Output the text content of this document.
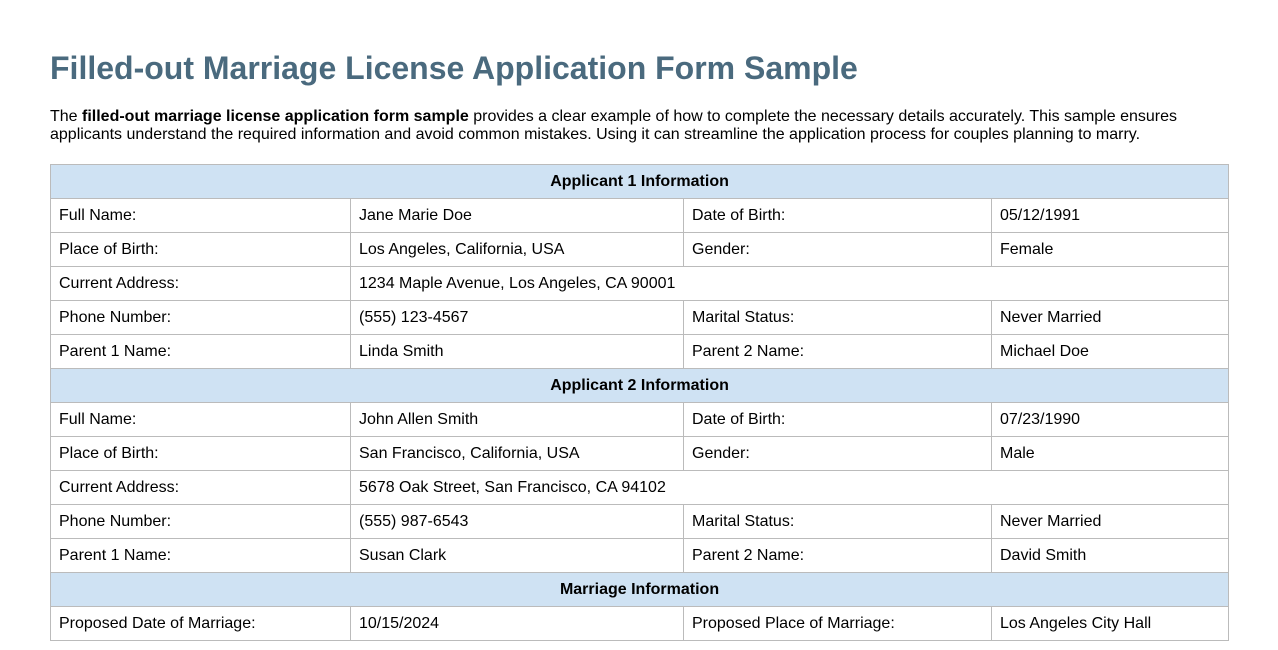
Filled-out Marriage License Application Form Sample

The filled-out marriage license application form sample provides a clear example of how to complete the necessary details accurately. This sample ensures applicants understand the required information and avoid common mistakes. Using it can streamline the application process for couples planning to marry.

Applicant 1 Information			
Full Name:	Jane Marie Doe	Date of Birth:	05/12/1991
Place of Birth:	Los Angeles, California, USA	Gender:	Female
Current Address:	1234 Maple Avenue, Los Angeles, CA 90001		
Phone Number:	(555) 123-4567	Marital Status:	Never Married
Parent 1 Name:	Linda Smith	Parent 2 Name:	Michael Doe
Applicant 2 Information			
Full Name:	John Allen Smith	Date of Birth:	07/23/1990
Place of Birth:	San Francisco, California, USA	Gender:	Male
Current Address:	5678 Oak Street, San Francisco, CA 94102		
Phone Number:	(555) 987-6543	Marital Status:	Never Married
Parent 1 Name:	Susan Clark	Parent 2 Name:	David Smith
Marriage Information			
Proposed Date of Marriage:	10/15/2024	Proposed Place of Marriage:	Los Angeles City Hall
